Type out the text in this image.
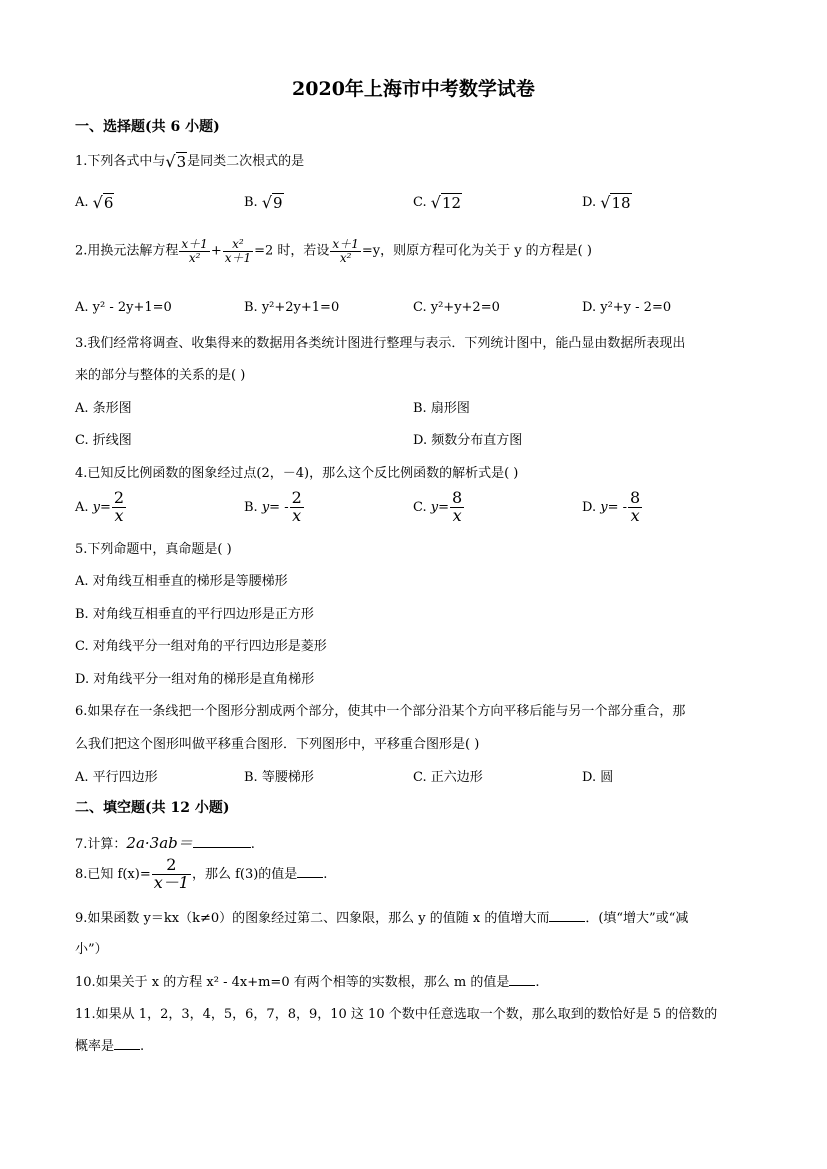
2020年上海市中考数学试卷
一、选择题(共 6 小题)
1.下列各式中与√3是同类二次根式的是
A. √6	B. √9	C. √12	D. √18
2.用换元法解方程 $\frac{x+1}{\text{x²}} + \frac{\text{x²}}{x+1} =2$ 时，若设 $\frac{x+1}{\text{x²}} =y$，则原方程可化为关于 y 的方程是( )
A. y² - 2y+1=0	B. y²+2y+1=0	C. y²+y+2=0	D. y²+y - 2=0
3.我们经常将调查、收集得来的数据用各类统计图进行整理与表示．下列统计图中，能凸显由数据所表现出
来的部分与整体的关系的是( )
A. 条形图	B. 扇形图
C. 折线图	D. 频数分布直方图
4.已知反比例函数的图象经过点(2，－4)，那么这个反比例函数的解析式是( )
A. $y= \frac{2}{x}$	B. $y= - \frac{2}{x}$	C. $y= \frac{8}{x}$	D. $y= - \frac{8}{x}$
5.下列命题中，真命题是( )
A. 对角线互相垂直的梯形是等腰梯形
B. 对角线互相垂直的平行四边形是正方形
C. 对角线平分一组对角的平行四边形是菱形
D. 对角线平分一组对角的梯形是直角梯形
6.如果存在一条线把一个图形分割成两个部分，使其中一个部分沿某个方向平移后能与另一个部分重合，那
么我们把这个图形叫做平移重合图形．下列图形中，平移重合图形是( )
A. 平行四边形	B. 等腰梯形	C. 正六边形	D. 圆
二、填空题(共 12 小题)
7.计算：2a·3ab＝	.
8.已知 $f(x)= \frac{2}{x-1}$ ，那么 f(3)的值是 .
9.如果函数 y＝kx（k≠0）的图象经过第二、四象限，那么 y 的值随 x 的值增大而	．(填“增大”或“减
小”）
10.如果关于 x 的方程 x² - 4x+m=0 有两个相等的实数根，那么 m 的值是 .
11.如果从 1，2，3，4，5，6，7，8，9，10 这 10 个数中任意选取一个数，那么取到的数恰好是 5 的倍数的
概率是 .
